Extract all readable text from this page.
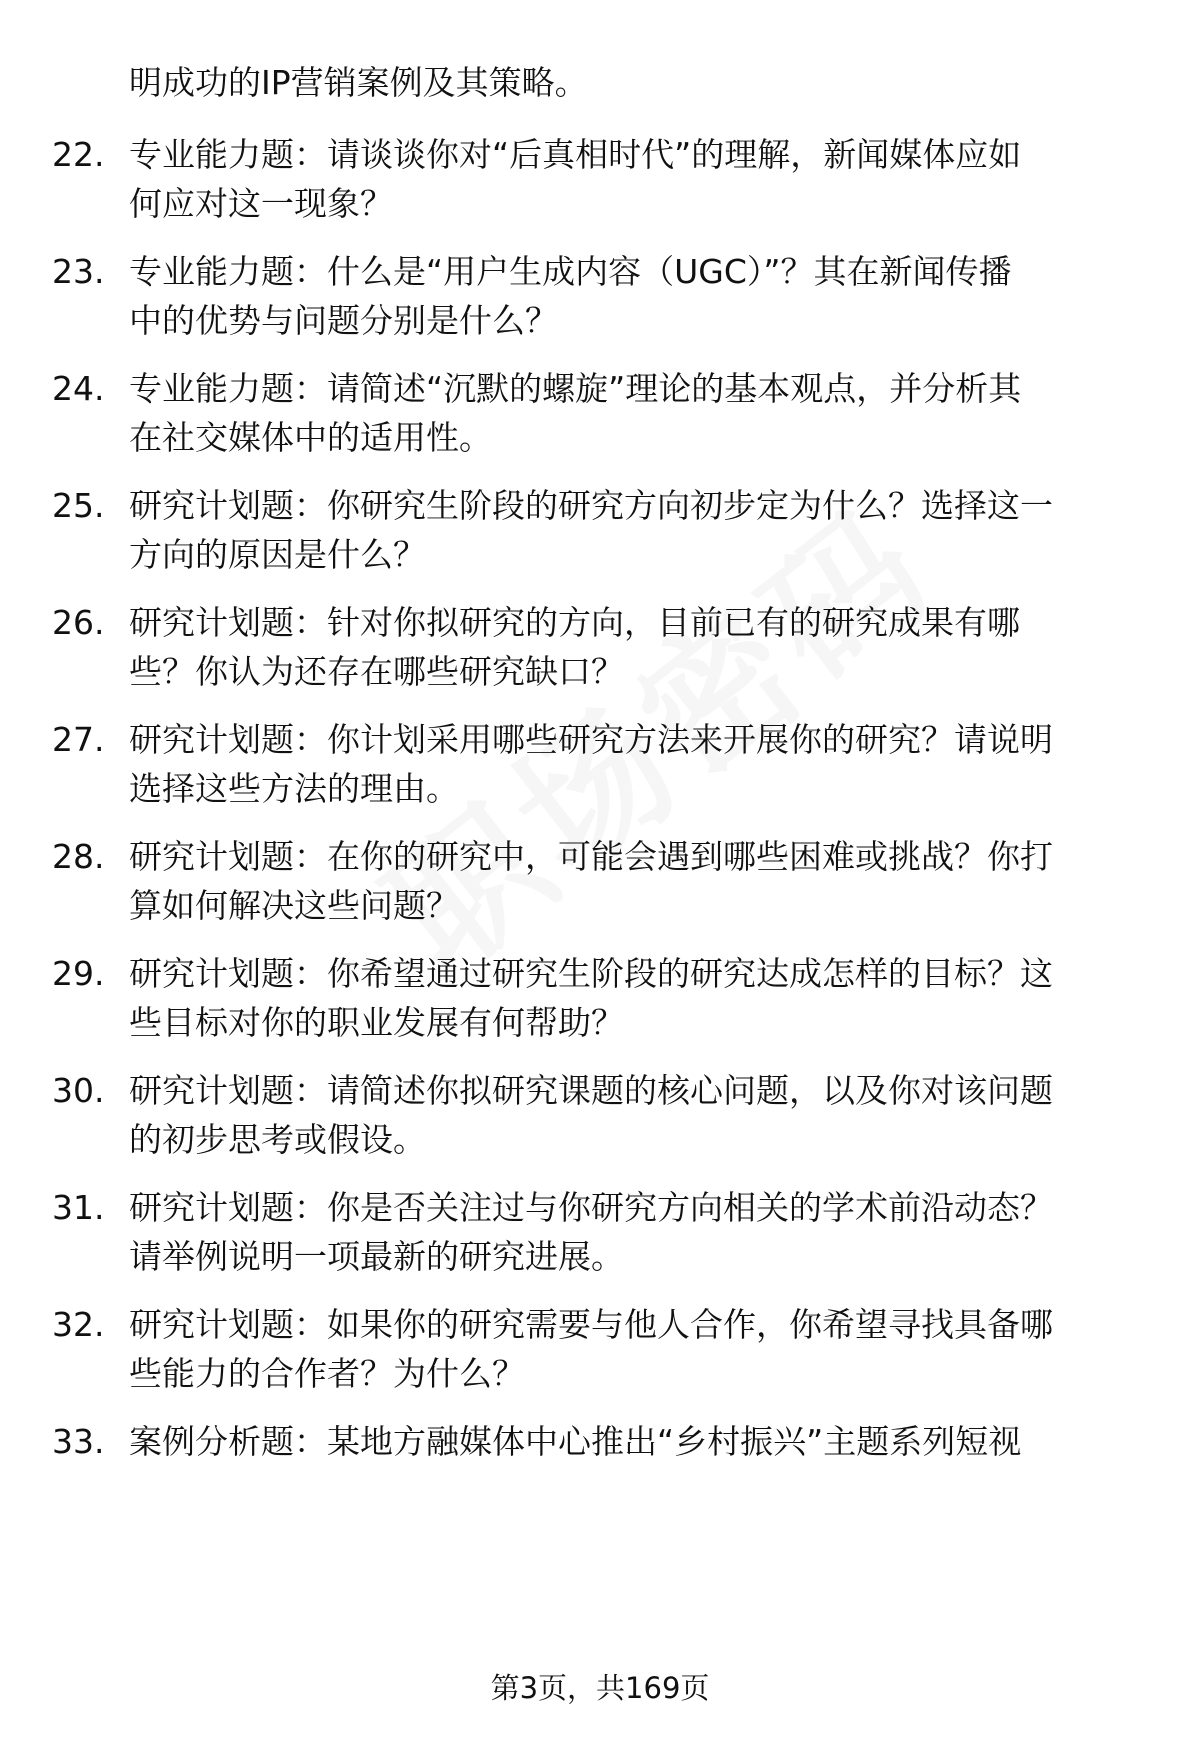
明成功的IP营销案例及其策略。
22. 专业能力题：请谈谈你对“后真相时代”的理解，新闻媒体应如
何应对这一现象？
23. 专业能力题：什么是“用户生成内容（UGC）”？其在新闻传播
中的优势与问题分别是什么？
24. 专业能力题：请简述“沉默的螺旋”理论的基本观点，并分析其
在社交媒体中的适用性。
25. 研究计划题：你研究生阶段的研究方向初步定为什么？选择这一
方向的原因是什么？
26. 研究计划题：针对你拟研究的方向，目前已有的研究成果有哪
些？你认为还存在哪些研究缺口？
27. 研究计划题：你计划采用哪些研究方法来开展你的研究？请说明
选择这些方法的理由。
28. 研究计划题：在你的研究中，可能会遇到哪些困难或挑战？你打
算如何解决这些问题？
29. 研究计划题：你希望通过研究生阶段的研究达成怎样的目标？这
些目标对你的职业发展有何帮助？
30. 研究计划题：请简述你拟研究课题的核心问题，以及你对该问题
的初步思考或假设。
31. 研究计划题：你是否关注过与你研究方向相关的学术前沿动态？
请举例说明一项最新的研究进展。
32. 研究计划题：如果你的研究需要与他人合作，你希望寻找具备哪
些能力的合作者？为什么？
33. 案例分析题：某地方融媒体中心推出“乡村振兴”主题系列短视
第3页，共169页
